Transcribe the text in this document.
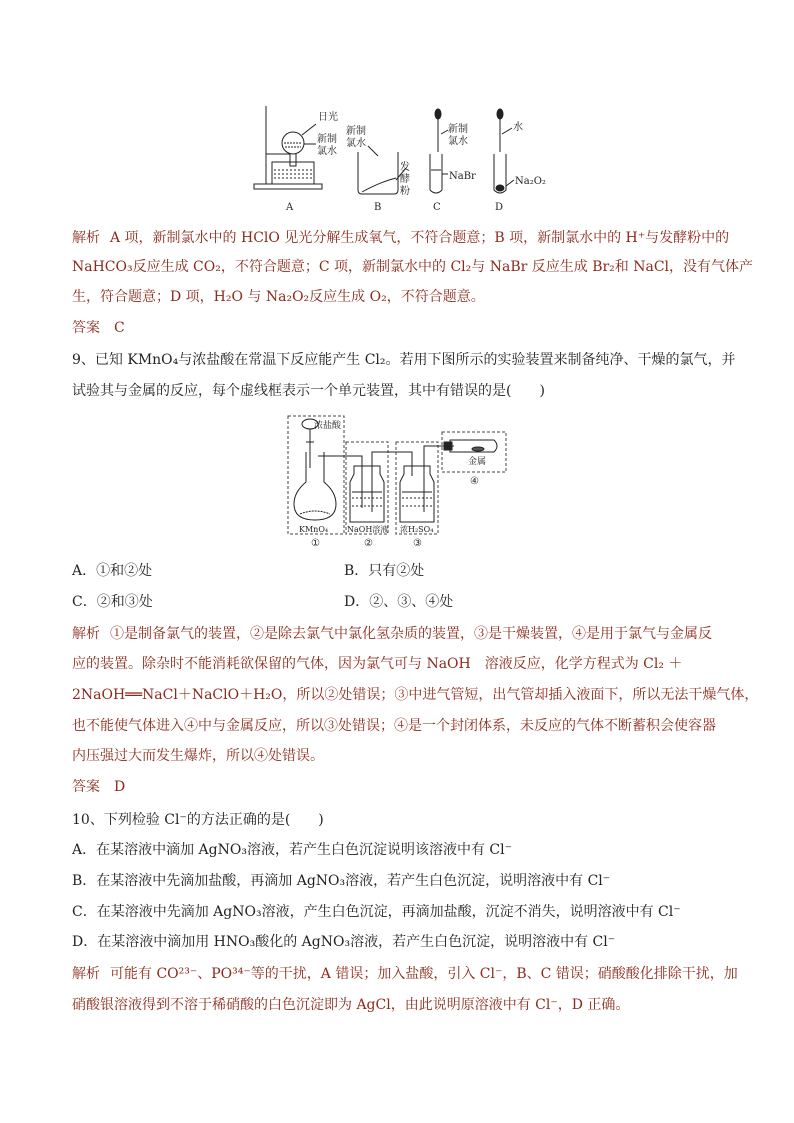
日光
新制
氯水
A
新制
氯水
发
酵
粉
B
新制
氯水
NaBr
C
水
Na₂O₂
D

解析 A 项，新制氯水中的 HClO 见光分解生成氧气，不符合题意；B 项，新制氯水中的 H⁺与发酵粉中的

NaHCO₃反应生成 CO₂，不符合题意；C 项，新制氯水中的 Cl₂与 NaBr 反应生成 Br₂和 NaCl，没有气体产

生，符合题意；D 项，H₂O 与 Na₂O₂反应生成 O₂，不符合题意。

答案　C

9、已知 KMnO₄与浓盐酸在常温下反应能产生 Cl₂。若用下图所示的实验装置来制备纯净、干燥的氯气，并

试验其与金属的反应，每个虚线框表示一个单元装置，其中有错误的是(　　)

浓盐酸
KMnO₄
①
NaOH溶液
②
浓H₂SO₄
③
金属
④

A．①和②处	B．只有②处

C．②和③处	D．②、③、④处

解析 ①是制备氯气的装置，②是除去氯气中氯化氢杂质的装置，③是干燥装置，④是用于氯气与金属反

应的装置。除杂时不能消耗欲保留的气体，因为氯气可与 NaOH　溶液反应，化学方程式为 Cl₂ ＋

2NaOH══NaCl＋NaClO＋H₂O，所以②处错误；③中进气管短，出气管却插入液面下，所以无法干燥气体，

也不能使气体进入④中与金属反应，所以③处错误；④是一个封闭体系，未反应的气体不断蓄积会使容器

内压强过大而发生爆炸，所以④处错误。

答案　D

10、下列检验 Cl⁻的方法正确的是(　　)

A．在某溶液中滴加 AgNO₃溶液，若产生白色沉淀说明该溶液中有 Cl⁻

B．在某溶液中先滴加盐酸，再滴加 AgNO₃溶液，若产生白色沉淀，说明溶液中有 Cl⁻

C．在某溶液中先滴加 AgNO₃溶液，产生白色沉淀，再滴加盐酸，沉淀不消失，说明溶液中有 Cl⁻

D．在某溶液中滴加用 HNO₃酸化的 AgNO₃溶液，若产生白色沉淀，说明溶液中有 Cl⁻

解析 可能有 CO²³⁻、PO³⁴⁻等的干扰，A 错误；加入盐酸，引入 Cl⁻，B、C 错误；硝酸酸化排除干扰，加

硝酸银溶液得到不溶于稀硝酸的白色沉淀即为 AgCl，由此说明原溶液中有 Cl⁻，D 正确。
